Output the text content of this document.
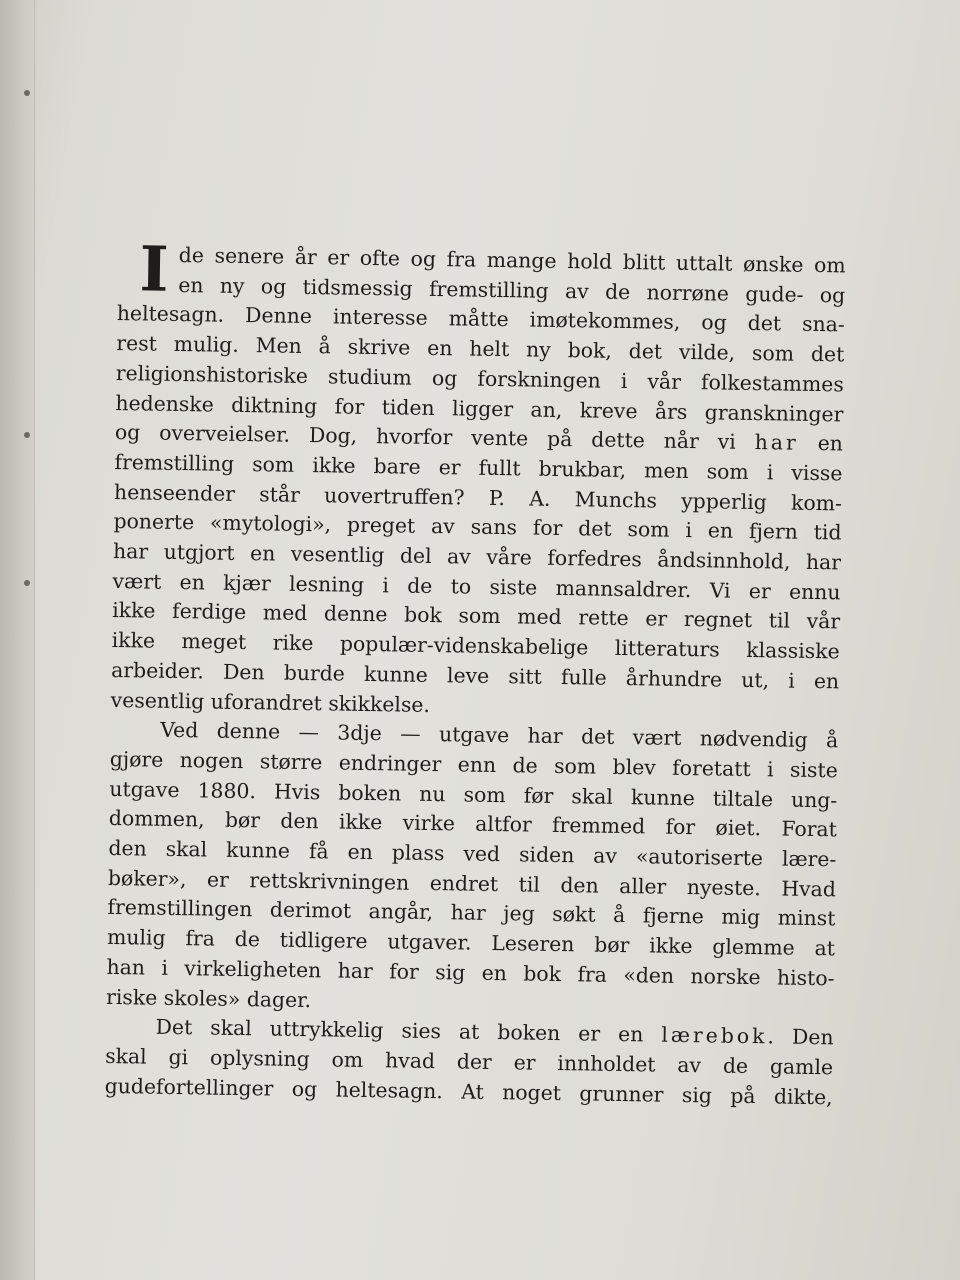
I de senere år er ofte og fra mange hold blitt uttalt ønske om
en ny og tidsmessig fremstilling av de norrøne gude- og
heltesagn. Denne interesse måtte imøtekommes, og det sna-
rest mulig. Men å skrive en helt ny bok, det vilde, som det
religionshistoriske studium og forskningen i vår folkestammes
hedenske diktning for tiden ligger an, kreve års granskninger
og overveielser. Dog, hvorfor vente på dette når vi har en
fremstilling som ikke bare er fullt brukbar, men som i visse
henseender står uovertruffen? P. A. Munchs ypperlig kom-
ponerte «mytologi», preget av sans for det som i en fjern tid
har utgjort en vesentlig del av våre forfedres åndsinnhold, har
vært en kjær lesning i de to siste mannsaldrer. Vi er ennu
ikke ferdige med denne bok som med rette er regnet til vår
ikke meget rike populær-videnskabelige litteraturs klassiske
arbeider. Den burde kunne leve sitt fulle århundre ut, i en
vesentlig uforandret skikkelse.
Ved denne — 3dje — utgave har det vært nødvendig å
gjøre nogen større endringer enn de som blev foretatt i siste
utgave 1880. Hvis boken nu som før skal kunne tiltale ung-
dommen, bør den ikke virke altfor fremmed for øiet. Forat
den skal kunne få en plass ved siden av «autoriserte lære-
bøker», er rettskrivningen endret til den aller nyeste. Hvad
fremstillingen derimot angår, har jeg søkt å fjerne mig minst
mulig fra de tidligere utgaver. Leseren bør ikke glemme at
han i virkeligheten har for sig en bok fra «den norske histo-
riske skoles» dager.
Det skal uttrykkelig sies at boken er en lærebok. Den
skal gi oplysning om hvad der er innholdet av de gamle
gudefortellinger og heltesagn. At noget grunner sig på dikte,
